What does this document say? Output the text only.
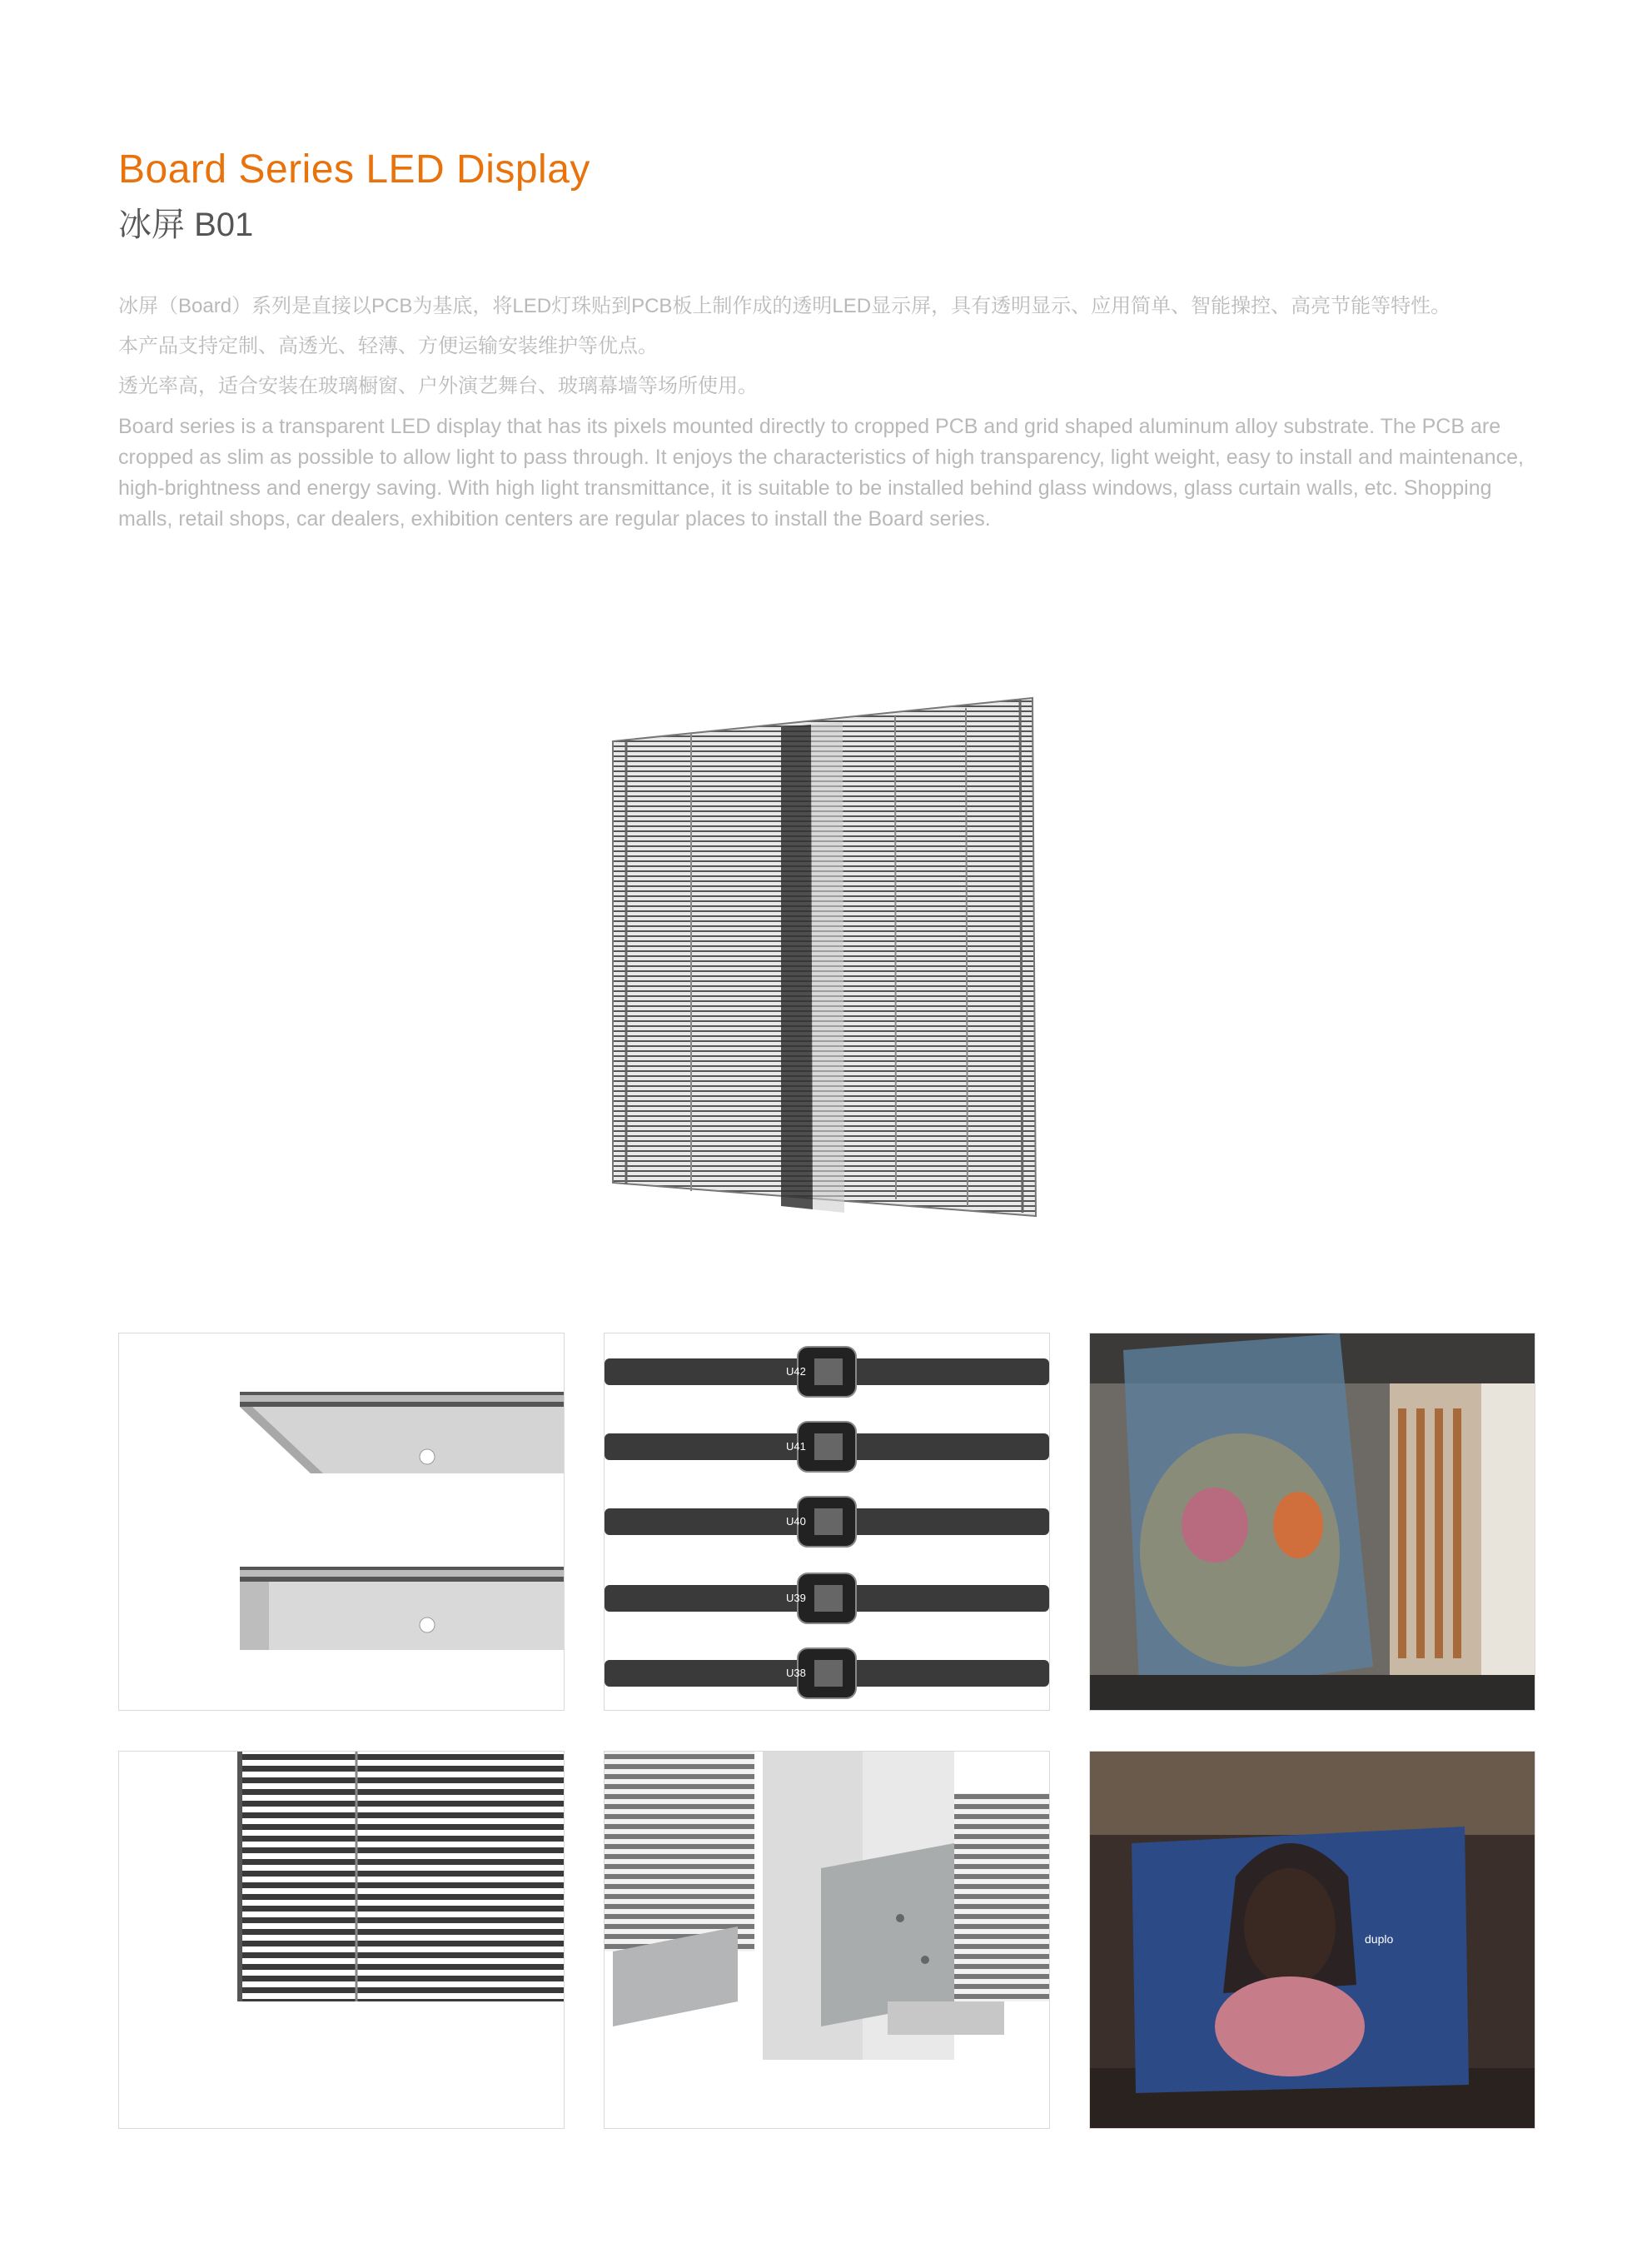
Board Series LED Display
冰屏 B01
冰屏（Board）系列是直接以PCB为基底，将LED灯珠贴到PCB板上制作成的透明LED显示屏，具有透明显示、应用简单、智能操控、高亮节能等特性。
本产品支持定制、高透光、轻薄、方便运输安装维护等优点。
透光率高，适合安装在玻璃橱窗、户外演艺舞台、玻璃幕墙等场所使用。
Board series is a transparent LED display that has its pixels mounted directly to cropped PCB and grid shaped aluminum alloy substrate. The PCB are cropped as slim as possible to allow light to pass through. It enjoys the characteristics of high transparency, light weight, easy to install and maintenance, high-brightness and energy saving. With high light transmittance, it is suitable to be installed behind glass windows, glass curtain walls, etc. Shopping malls, retail shops, car dealers, exhibition centers are regular places to install the Board series.
U42
U41
U40
U39
U38
duplo
